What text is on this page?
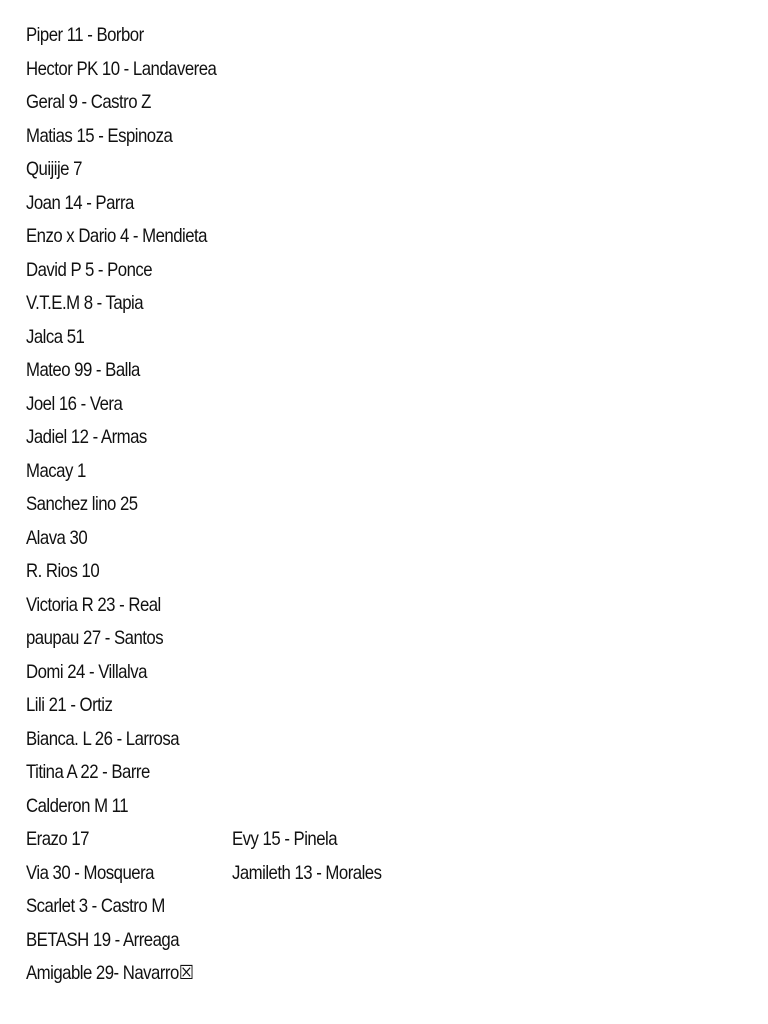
Piper 11 - Borbor
Hector PK 10 - Landaverea
Geral 9 - Castro Z
Matias 15 - Espinoza
Quijije 7
Joan 14 - Parra
Enzo x Dario 4 - Mendieta
David P 5 - Ponce
V.T.E.M 8 - Tapia
Jalca 51
Mateo 99 - Balla
Joel 16 - Vera
Jadiel 12 - Armas
Macay 1
Sanchez lino 25
Alava 30
R. Rios 10
Victoria R 23 - Real
paupau 27 - Santos
Domi 24 - Villalva
Lili 21 - Ortiz
Bianca. L 26 - Larrosa
Titina A 22 - Barre
Calderon M 11
Erazo 17
Via 30 - Mosquera
Scarlet 3 - Castro M
BETASH 19 - Arreaga
Amigable 29- Navarro☒
Evy 15 - Pinela
Jamileth 13 - Morales
